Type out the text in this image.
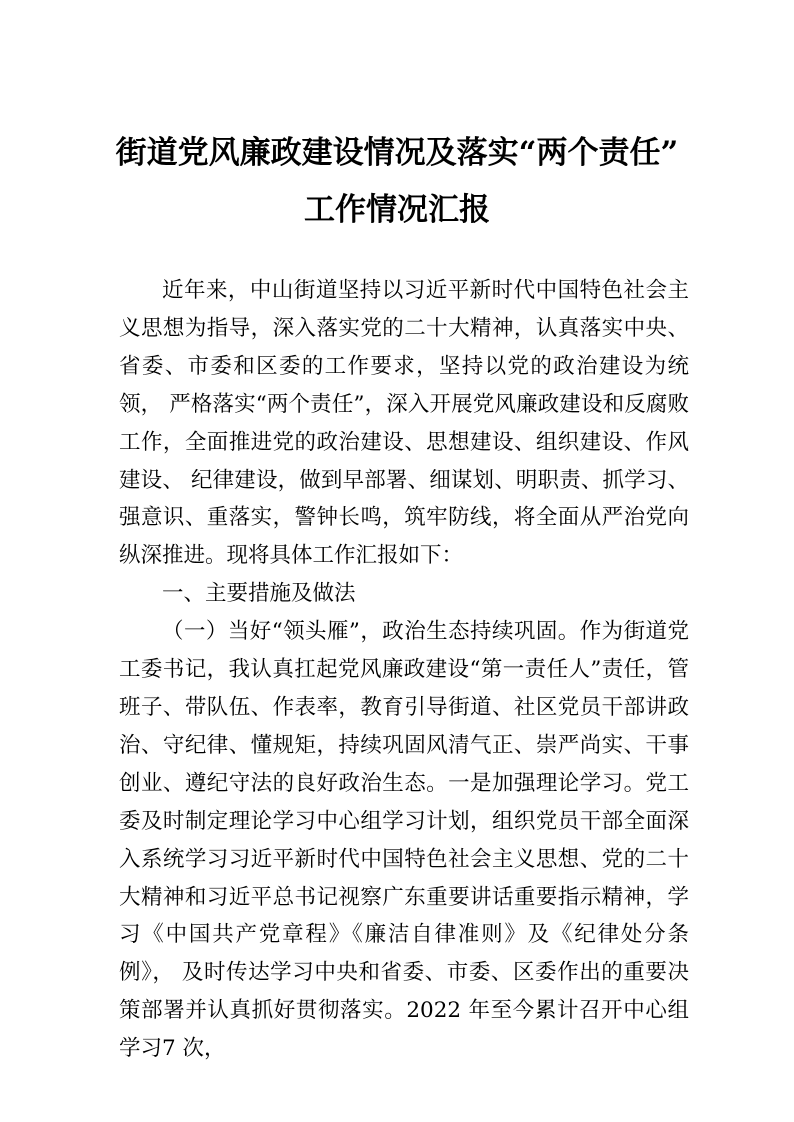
街道党风廉政建设情况及落实“两个责任”
工作情况汇报

近年来，中山街道坚持以习近平新时代中国特色社会主义思想为指导，深入落实党的二十大精神，认真落实中央、 省委、市委和区委的工作要求，坚持以党的政治建设为统领， 严格落实“两个责任”，深入开展党风廉政建设和反腐败工作，全面推进党的政治建设、思想建设、组织建设、作风建设、 纪律建设，做到早部署、细谋划、明职责、抓学习、强意识、重落实，警钟长鸣，筑牢防线，将全面从严治党向纵深推进。现将具体工作汇报如下：

一、主要措施及做法

（一）当好“领头雁”，政治生态持续巩固。作为街道党工委书记，我认真扛起党风廉政建设“第一责任人”责任，管班子、带队伍、作表率，教育引导街道、社区党员干部讲政治、守纪律、懂规矩，持续巩固风清气正、崇严尚实、干事创业、遵纪守法的良好政治生态。一是加强理论学习。党工委及时制定理论学习中心组学习计划，组织党员干部全面深入系统学习习近平新时代中国特色社会主义思想、党的二十大精神和习近平总书记视察广东重要讲话重要指示精神，学习《中国共产党章程》《廉洁自律准则》及《纪律处分条例》， 及时传达学习中央和省委、市委、区委作出的重要决策部署并认真抓好贯彻落实。2022 年至今累计召开中心组学习7 次，
